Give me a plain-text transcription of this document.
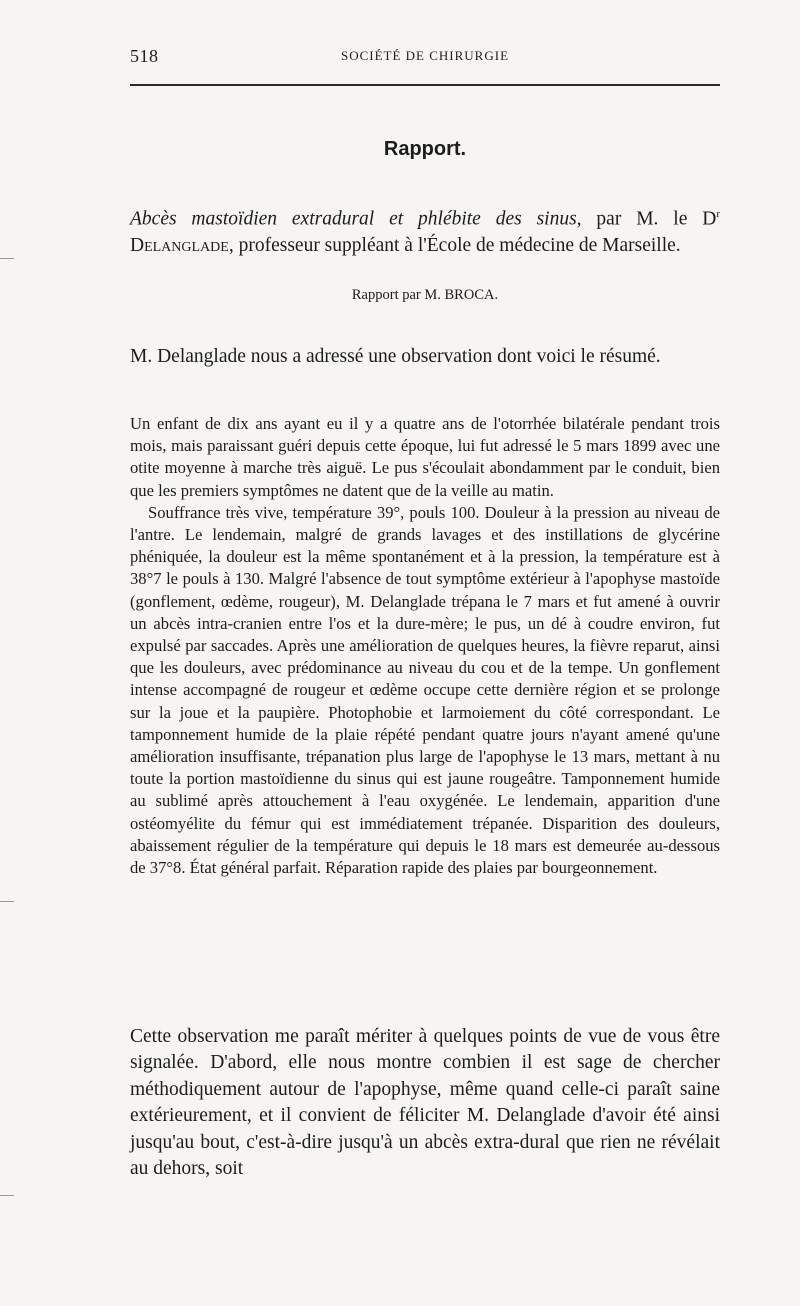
518	SOCIÉTÉ DE CHIRURGIE
Rapport.
Abcès mastoïdien extradural et phlébite des sinus, par M. le $D^r$ Delanglade, professeur suppléant à l'École de médecine de Marseille.
Rapport par M. BROCA.
M. Delanglade nous a adressé une observation dont voici le résumé.

Un enfant de dix ans ayant eu il y a quatre ans de l'otorrhée bilatérale pendant trois mois, mais paraissant guéri depuis cette époque, lui fut adressé le 5 mars 1899 avec une otite moyenne à marche très aiguë. Le pus s'écoulait abondamment par le conduit, bien que les premiers symptômes ne datent que de la veille au matin.

Souffrance très vive, température 39°, pouls 100. Douleur à la pression au niveau de l'antre. Le lendemain, malgré de grands lavages et des instillations de glycérine phéniquée, la douleur est la même spontanément et à la pression, la température est à 38°7 le pouls à 130. Malgré l'absence de tout symptôme extérieur à l'apophyse mastoïde (gonflement, œdème, rougeur), M. Delanglade trépana le 7 mars et fut amené à ouvrir un abcès intra-cranien entre l'os et la dure-mère; le pus, un dé à coudre environ, fut expulsé par saccades. Après une amélioration de quelques heures, la fièvre reparut, ainsi que les douleurs, avec prédominance au niveau du cou et de la tempe. Un gonflement intense accompagné de rougeur et œdème occupe cette dernière région et se prolonge sur la joue et la paupière. Photophobie et larmoiement du côté correspondant. Le tamponnement humide de la plaie répété pendant quatre jours n'ayant amené qu'une amélioration insuffisante, trépanation plus large de l'apophyse le 13 mars, mettant à nu toute la portion mastoïdienne du sinus qui est jaune rougeâtre. Tamponnement humide au sublimé après attouchement à l'eau oxygénée. Le lendemain, apparition d'une ostéomyélite du fémur qui est immédiatement trépanée. Disparition des douleurs, abaissement régulier de la température qui depuis le 18 mars est demeurée au-dessous de 37°8. État général parfait. Réparation rapide des plaies par bourgeonnement.

Cette observation me paraît mériter à quelques points de vue de vous être signalée. D'abord, elle nous montre combien il est sage de chercher méthodiquement autour de l'apophyse, même quand celle-ci paraît saine extérieurement, et il convient de féliciter M. Delanglade d'avoir été ainsi jusqu'au bout, c'est-à-dire jusqu'à un abcès extra-dural que rien ne révélait au dehors, soit
